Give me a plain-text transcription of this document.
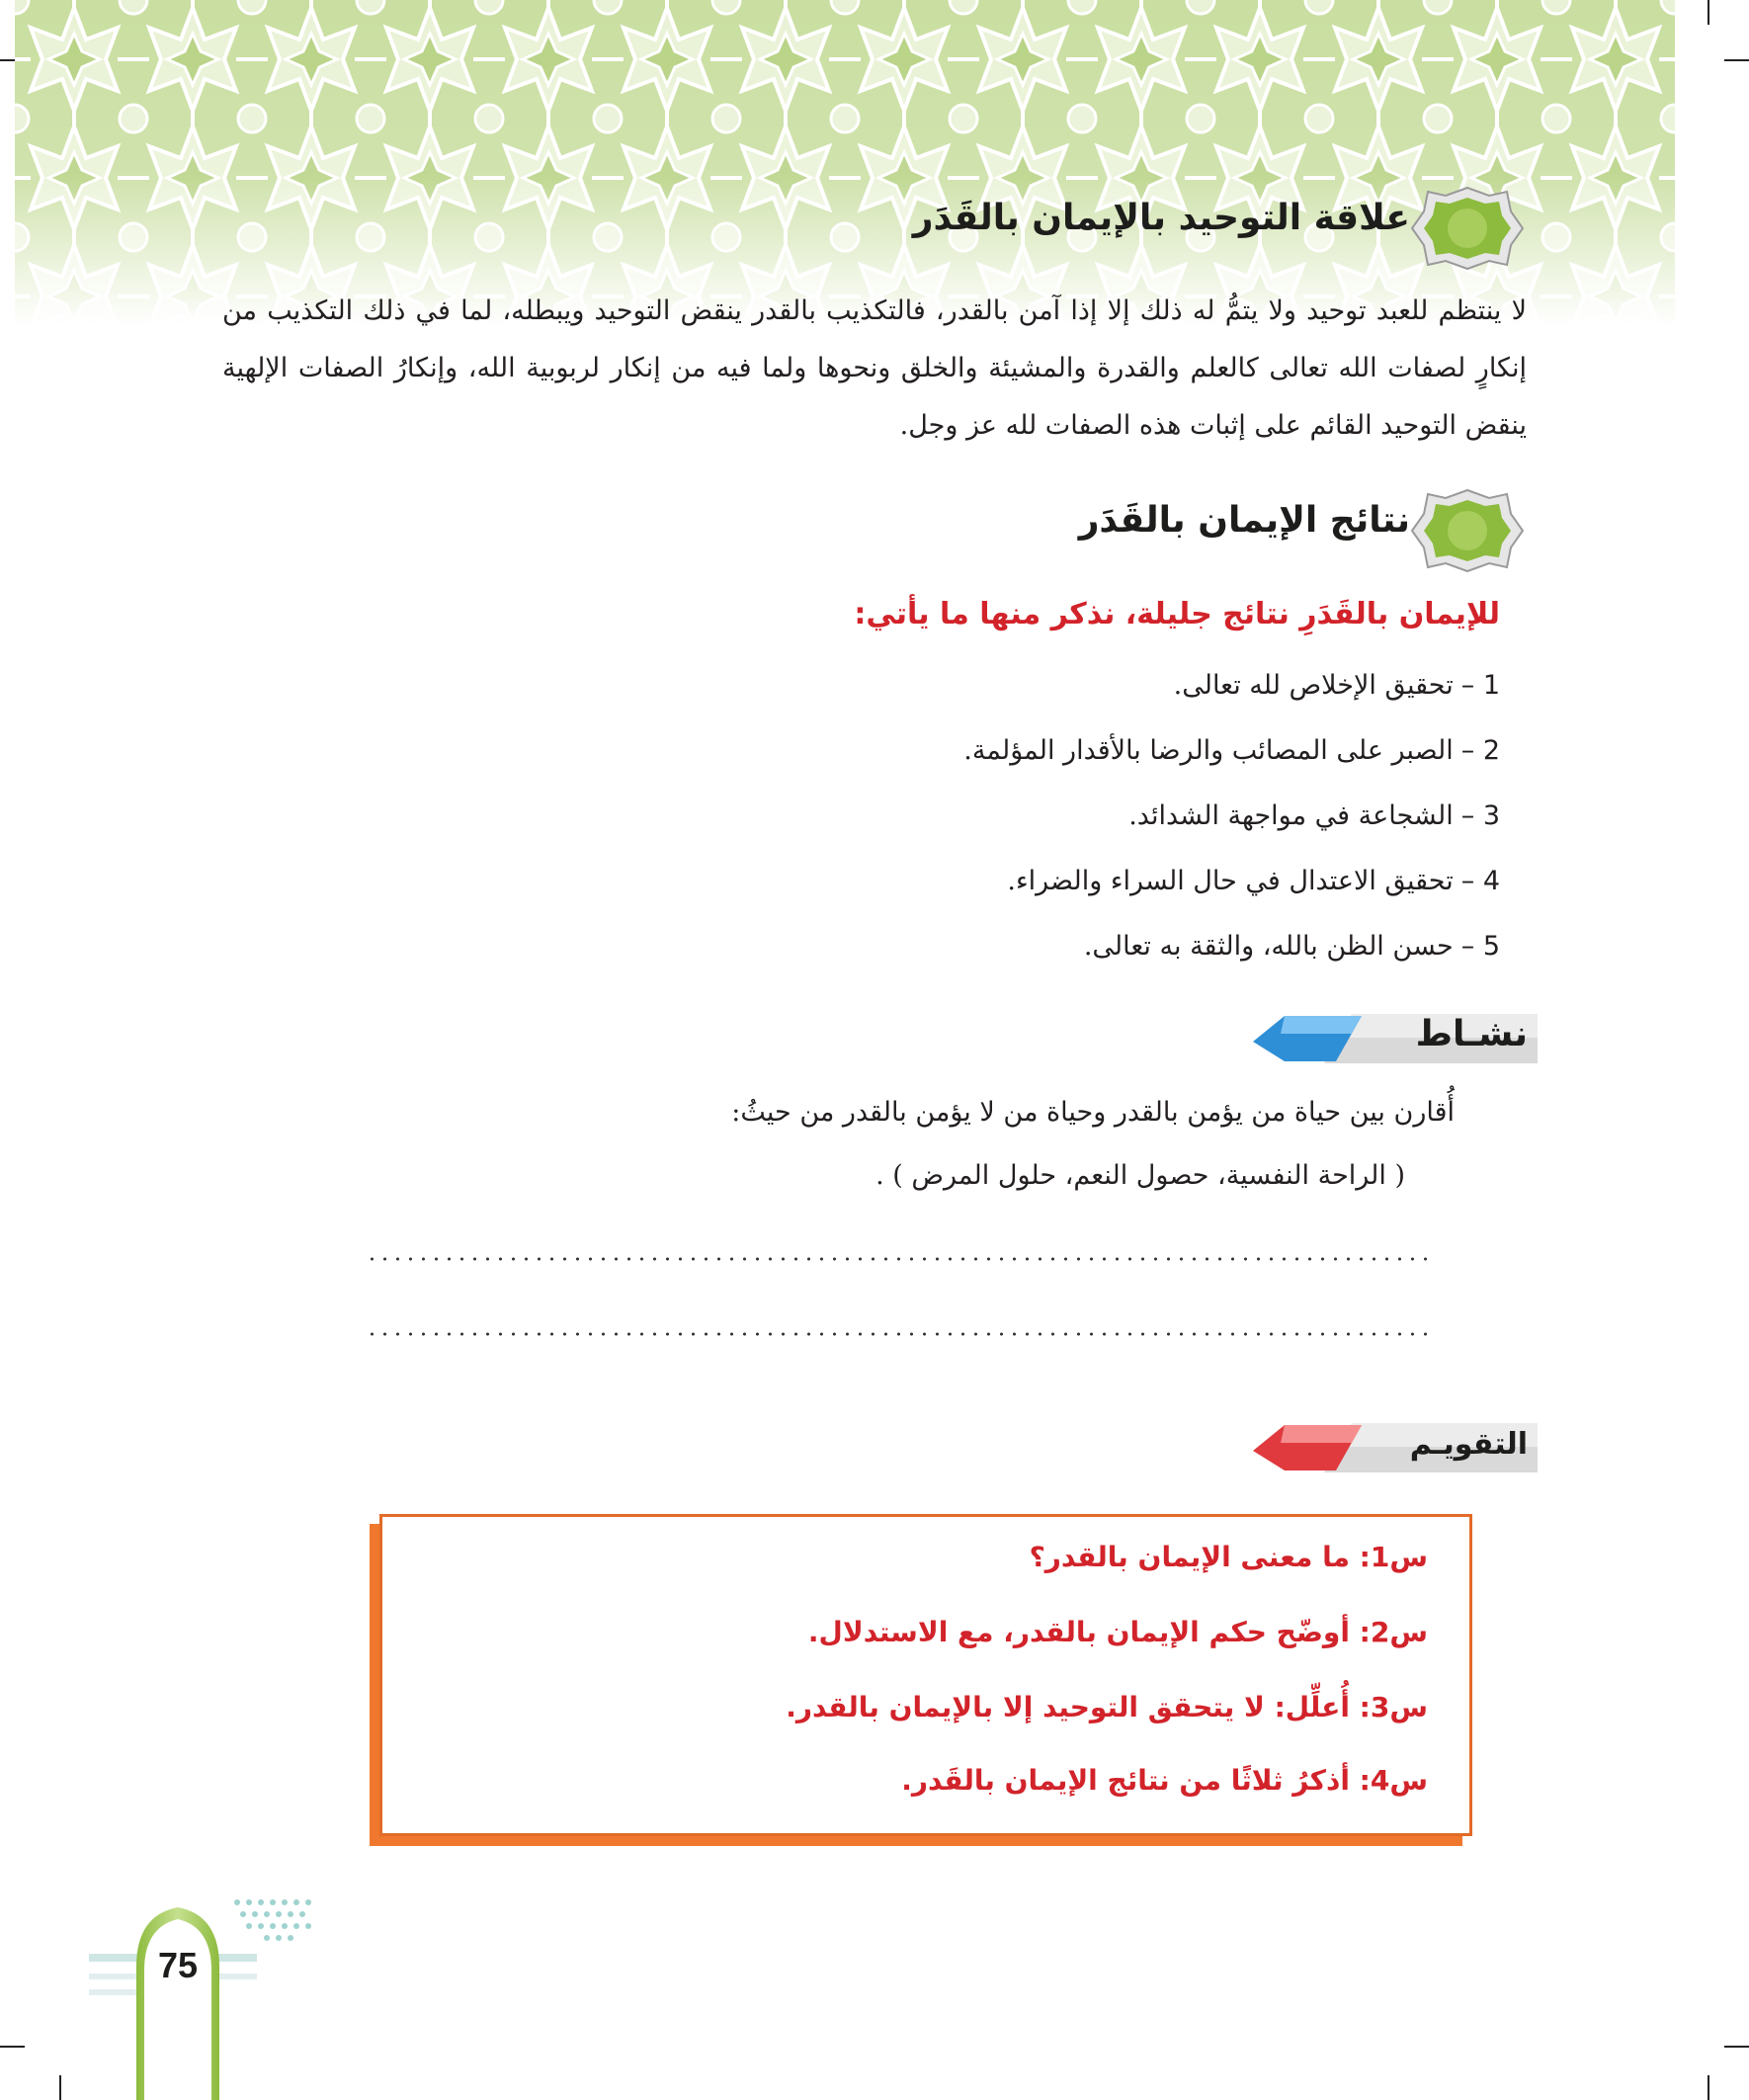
علاقة التوحيد بالإيمان بالقَدَر
لا ينتظم للعبد توحيد ولا يتمُّ له ذلك إلا إذا آمن بالقدر، فالتكذيب بالقدر ينقض التوحيد ويبطله، لما في ذلك التكذيب من إنكارٍ لصفات الله تعالى كالعلم والقدرة والمشيئة والخلق ونحوها ولما فيه من إنكار لربوبية الله، وإنكارُ الصفات الإلهية ينقض التوحيد القائم على إثبات هذه الصفات لله عز وجل.
نتائج الإيمان بالقَدَر
للإيمان بالقَدَرِ نتائج جليلة، نذكر منها ما يأتي:
1 –تحقيق الإخلاص لله تعالى.
2 –الصبر على المصائب والرضا بالأقدار المؤلمة.
3 –الشجاعة في مواجهة الشدائد.
4 –تحقيق الاعتدال في حال السراء والضراء.
5 –حسن الظن بالله، والثقة به تعالى.
نشـاط
أُقارن بين حياة من يؤمن بالقدر وحياة من لا يؤمن بالقدر من حيثُ:
( الراحة النفسية، حصول النعم، حلول المرض ) .
التقويـم
س1: ما معنى الإيمان بالقدر؟
س2: أوضّح حكم الإيمان بالقدر، مع الاستدلال.
س3: أُعلِّل: لا يتحقق التوحيد إلا بالإيمان بالقدر.
س4: أذكرُ ثلاثًا من نتائج الإيمان بالقَدر.
75
